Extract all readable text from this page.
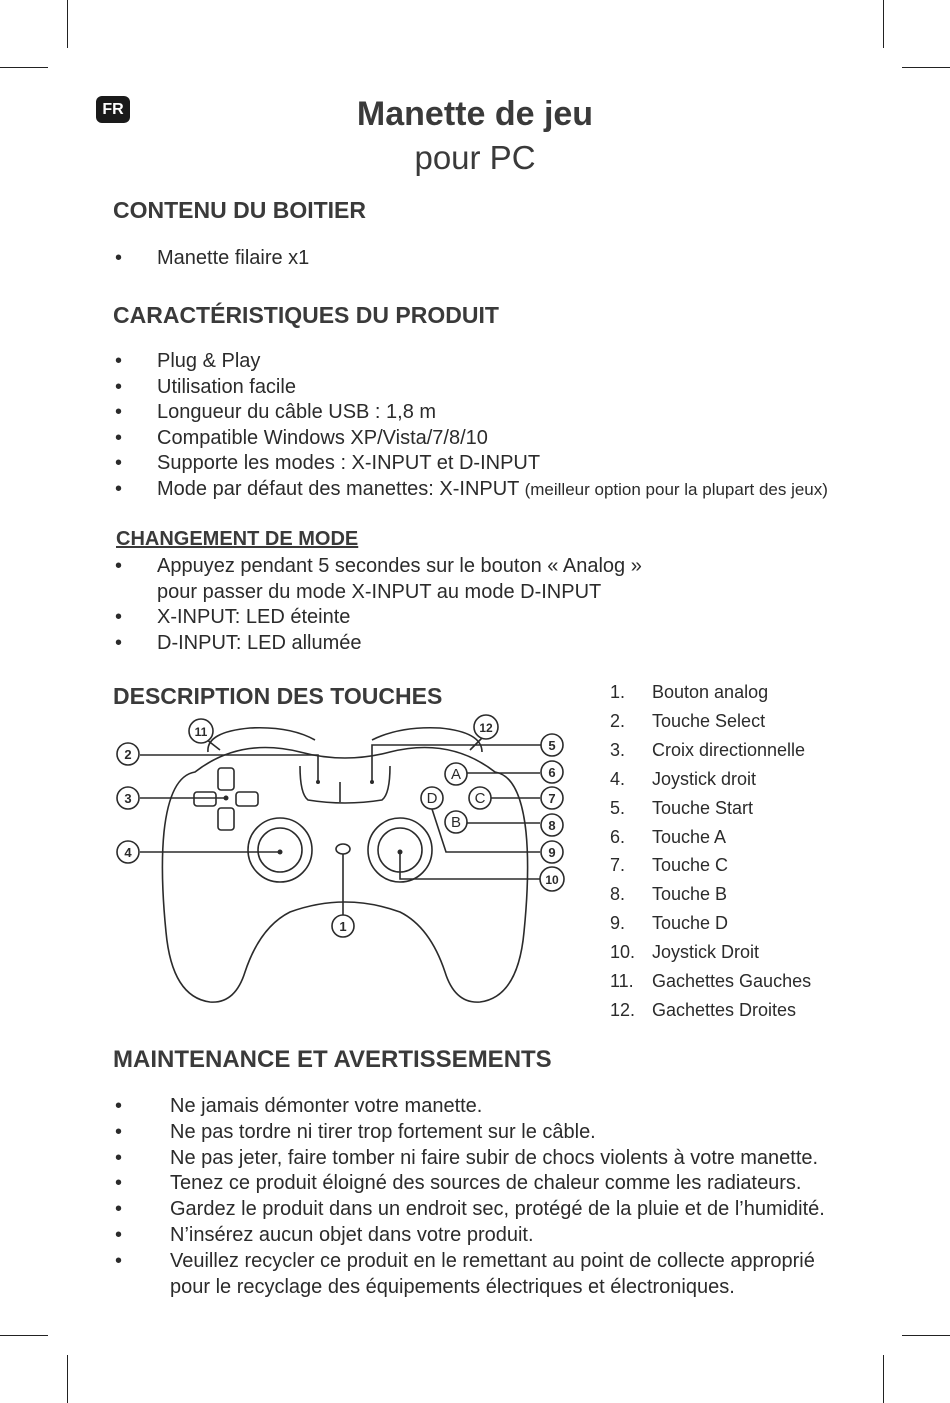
FR	Manette de jeu
pour PC
CONTENU DU BOITIER
• Manette filaire x1
CARACTÉRISTIQUES DU PRODUIT
• Plug & Play
• Utilisation facile
• Longueur du câble USB : 1,8 m
• Compatible Windows XP/Vista/7/8/10
• Supporte les modes : X-INPUT et D-INPUT
• Mode par défaut des manettes: X-INPUT (meilleur option pour la plupart des jeux)
CHANGEMENT DE MODE
• Appuyez pendant 5 secondes sur le bouton « Analog »
pour passer du mode X-INPUT au mode D-INPUT
• X-INPUT: LED éteinte
• D-INPUT: LED allumée
DESCRIPTION DES TOUCHES
A
C
B
D
1
2
3
4
5
6
7
8
9
10
11	12
1. Bouton analog
2. Touche Select
3. Croix directionnelle
4. Joystick droit
5. Touche Start
6. Touche A
7. Touche C
8. Touche B
9. Touche D
10. Joystick Droit
11. Gachettes Gauches
12. Gachettes Droites
MAINTENANCE ET AVERTISSEMENTS
• Ne jamais démonter votre manette.
• Ne pas tordre ni tirer trop fortement sur le câble.
• Ne pas jeter, faire tomber ni faire subir de chocs violents à votre manette.
• Tenez ce produit éloigné des sources de chaleur comme les radiateurs.
• Gardez le produit dans un endroit sec, protégé de la pluie et de l’humidité.
• N’insérez aucun objet dans votre produit.
• Veuillez recycler ce produit en le remettant au point de collecte approprié
pour le recyclage des équipements électriques et électroniques.
